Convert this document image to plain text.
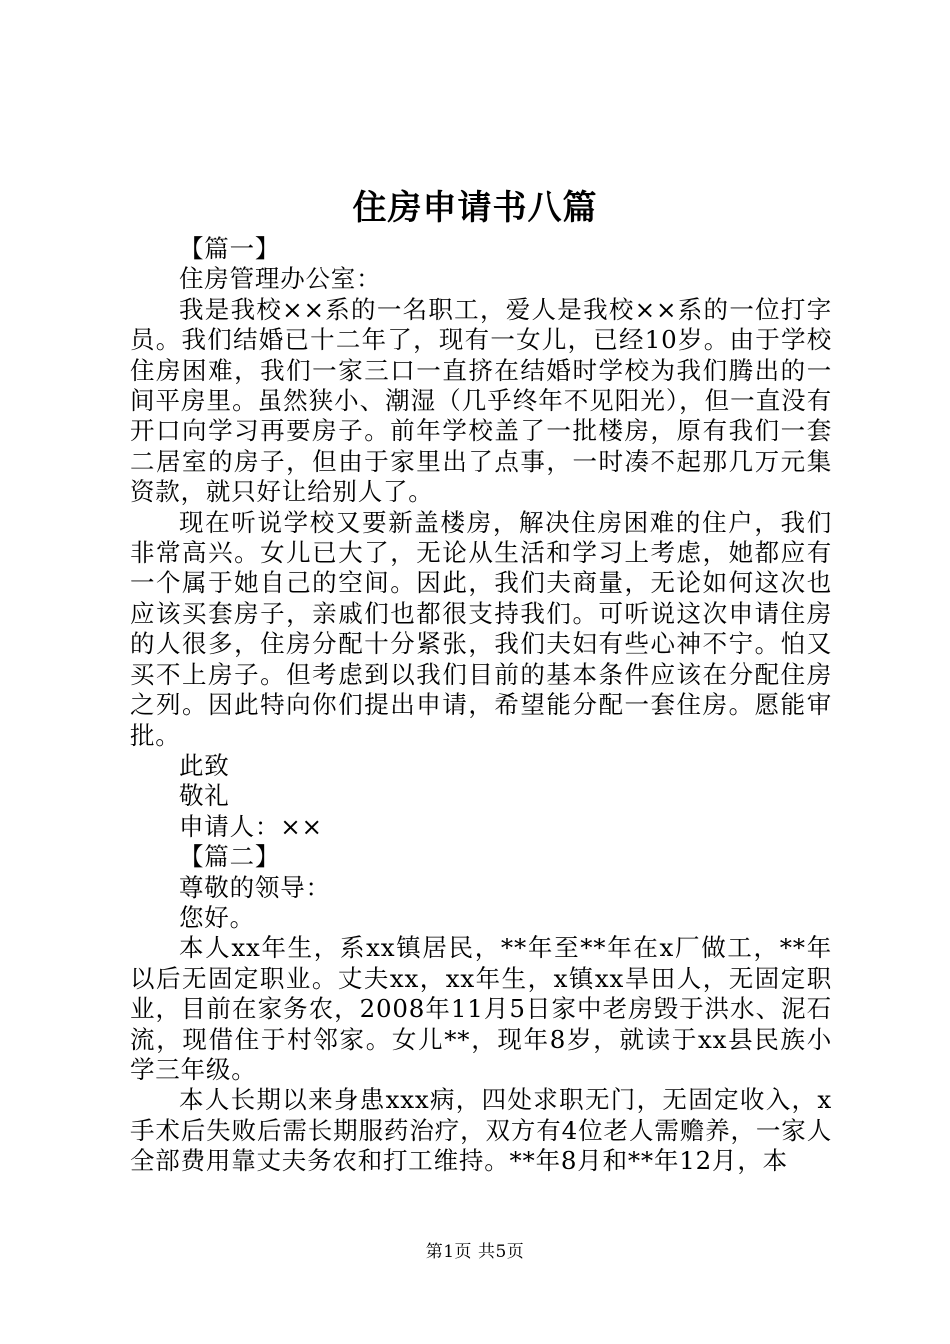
住房申请书八篇
【篇一】
住房管理办公室：

我是我校××系的一名职工，爱人是我校××系的一位打字员。我们结婚已十二年了，现有一女儿，已经10岁。由于学校住房困难，我们一家三口一直挤在结婚时学校为我们腾出的一间平房里。虽然狭小、潮湿（几乎终年不见阳光），但一直没有开口向学习再要房子。前年学校盖了一批楼房，原有我们一套二居室的房子，但由于家里出了点事，一时凑不起那几万元集资款，就只好让给别人了。

现在听说学校又要新盖楼房，解决住房困难的住户，我们非常高兴。女儿已大了，无论从生活和学习上考虑，她都应有一个属于她自己的空间。因此，我们夫商量，无论如何这次也应该买套房子，亲戚们也都很支持我们。可听说这次申请住房的人很多，住房分配十分紧张，我们夫妇有些心神不宁。怕又买不上房子。但考虑到以我们目前的基本条件应该在分配住房之列。因此特向你们提出申请，希望能分配一套住房。愿能审批。

此致
敬礼
申请人：××
【篇二】
尊敬的领导：
您好。

本人xx年生，系xx镇居民，**年至**年在x厂做工，**年以后无固定职业。丈夫xx，xx年生，x镇xx旱田人，无固定职业，目前在家务农，2008年11月5日家中老房毁于洪水、泥石流，现借住于村邻家。女儿**，现年8岁，就读于xx县民族小学三年级。

本人长期以来身患xxx病，四处求职无门，无固定收入，x手术后失败后需长期服药治疗，双方有4位老人需赡养，一家人全部费用靠丈夫务农和打工维持。**年8月和**年12月，本

第1页 共5页
